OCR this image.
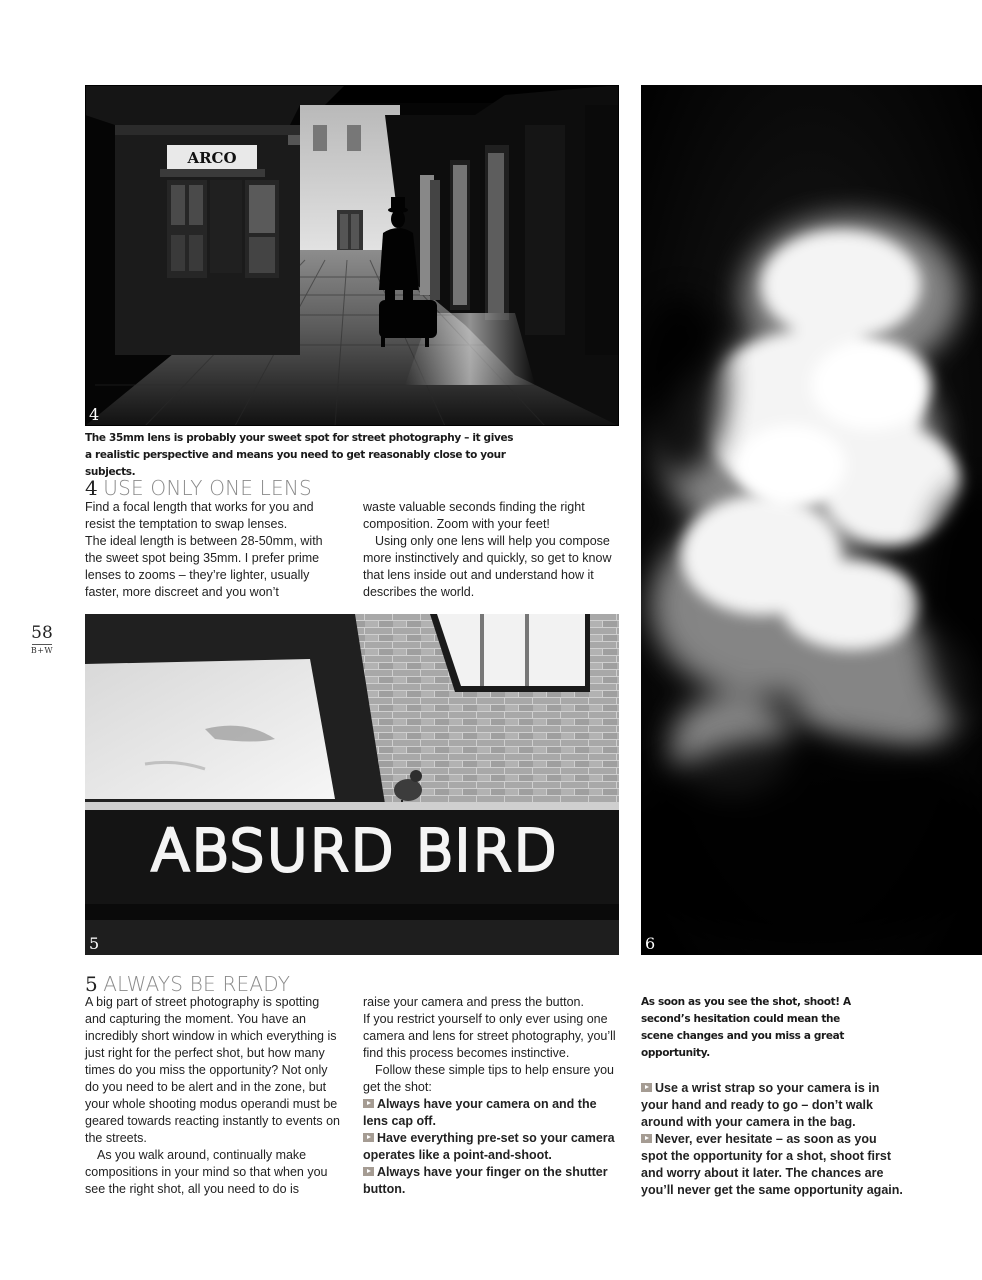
ARCO
4
The 35mm lens is probably your sweet spot for street photography – it gives a realistic perspective and means you need to get reasonably close to your subjects.
4 USE ONLY ONE LENS

Find a focal length that works for you and resist the temptation to swap lenses.

The ideal length is between 28-50mm, with the sweet spot being 35mm. I prefer prime lenses to zooms – they’re lighter, usually faster, more discreet and you won’t

waste valuable seconds finding the right composition. Zoom with your feet!

Using only one lens will help you compose more instinctively and quickly, so get to know that lens inside out and understand how it describes the world.

58
B+W
ABSURD BIRD
5	6
5 ALWAYS BE READY

A big part of street photography is spotting and capturing the moment. You have an incredibly short window in which everything is just right for the perfect shot, but how many times do you miss the opportunity? Not only do you need to be alert and in the zone, but your whole shooting modus operandi must be geared towards reacting instantly to events on the streets.

As you walk around, continually make compositions in your mind so that when you see the right shot, all you need to do is

raise your camera and press the button.

If you restrict yourself to only ever using one camera and lens for street photography, you’ll find this process becomes instinctive.

Follow these simple tips to help ensure you get the shot:

Always have your camera on and the lens cap off.

Have everything pre-set so your camera operates like a point-and-shoot.

Always have your finger on the shutter button.

As soon as you see the shot, shoot! A second’s hesitation could mean the scene changes and you miss a great opportunity.

Use a wrist strap so your camera is in your hand and ready to go – don’t walk around with your camera in the bag.

Never, ever hesitate – as soon as you spot the opportunity for a shot, shoot first and worry about it later. The chances are you’ll never get the same opportunity again.
